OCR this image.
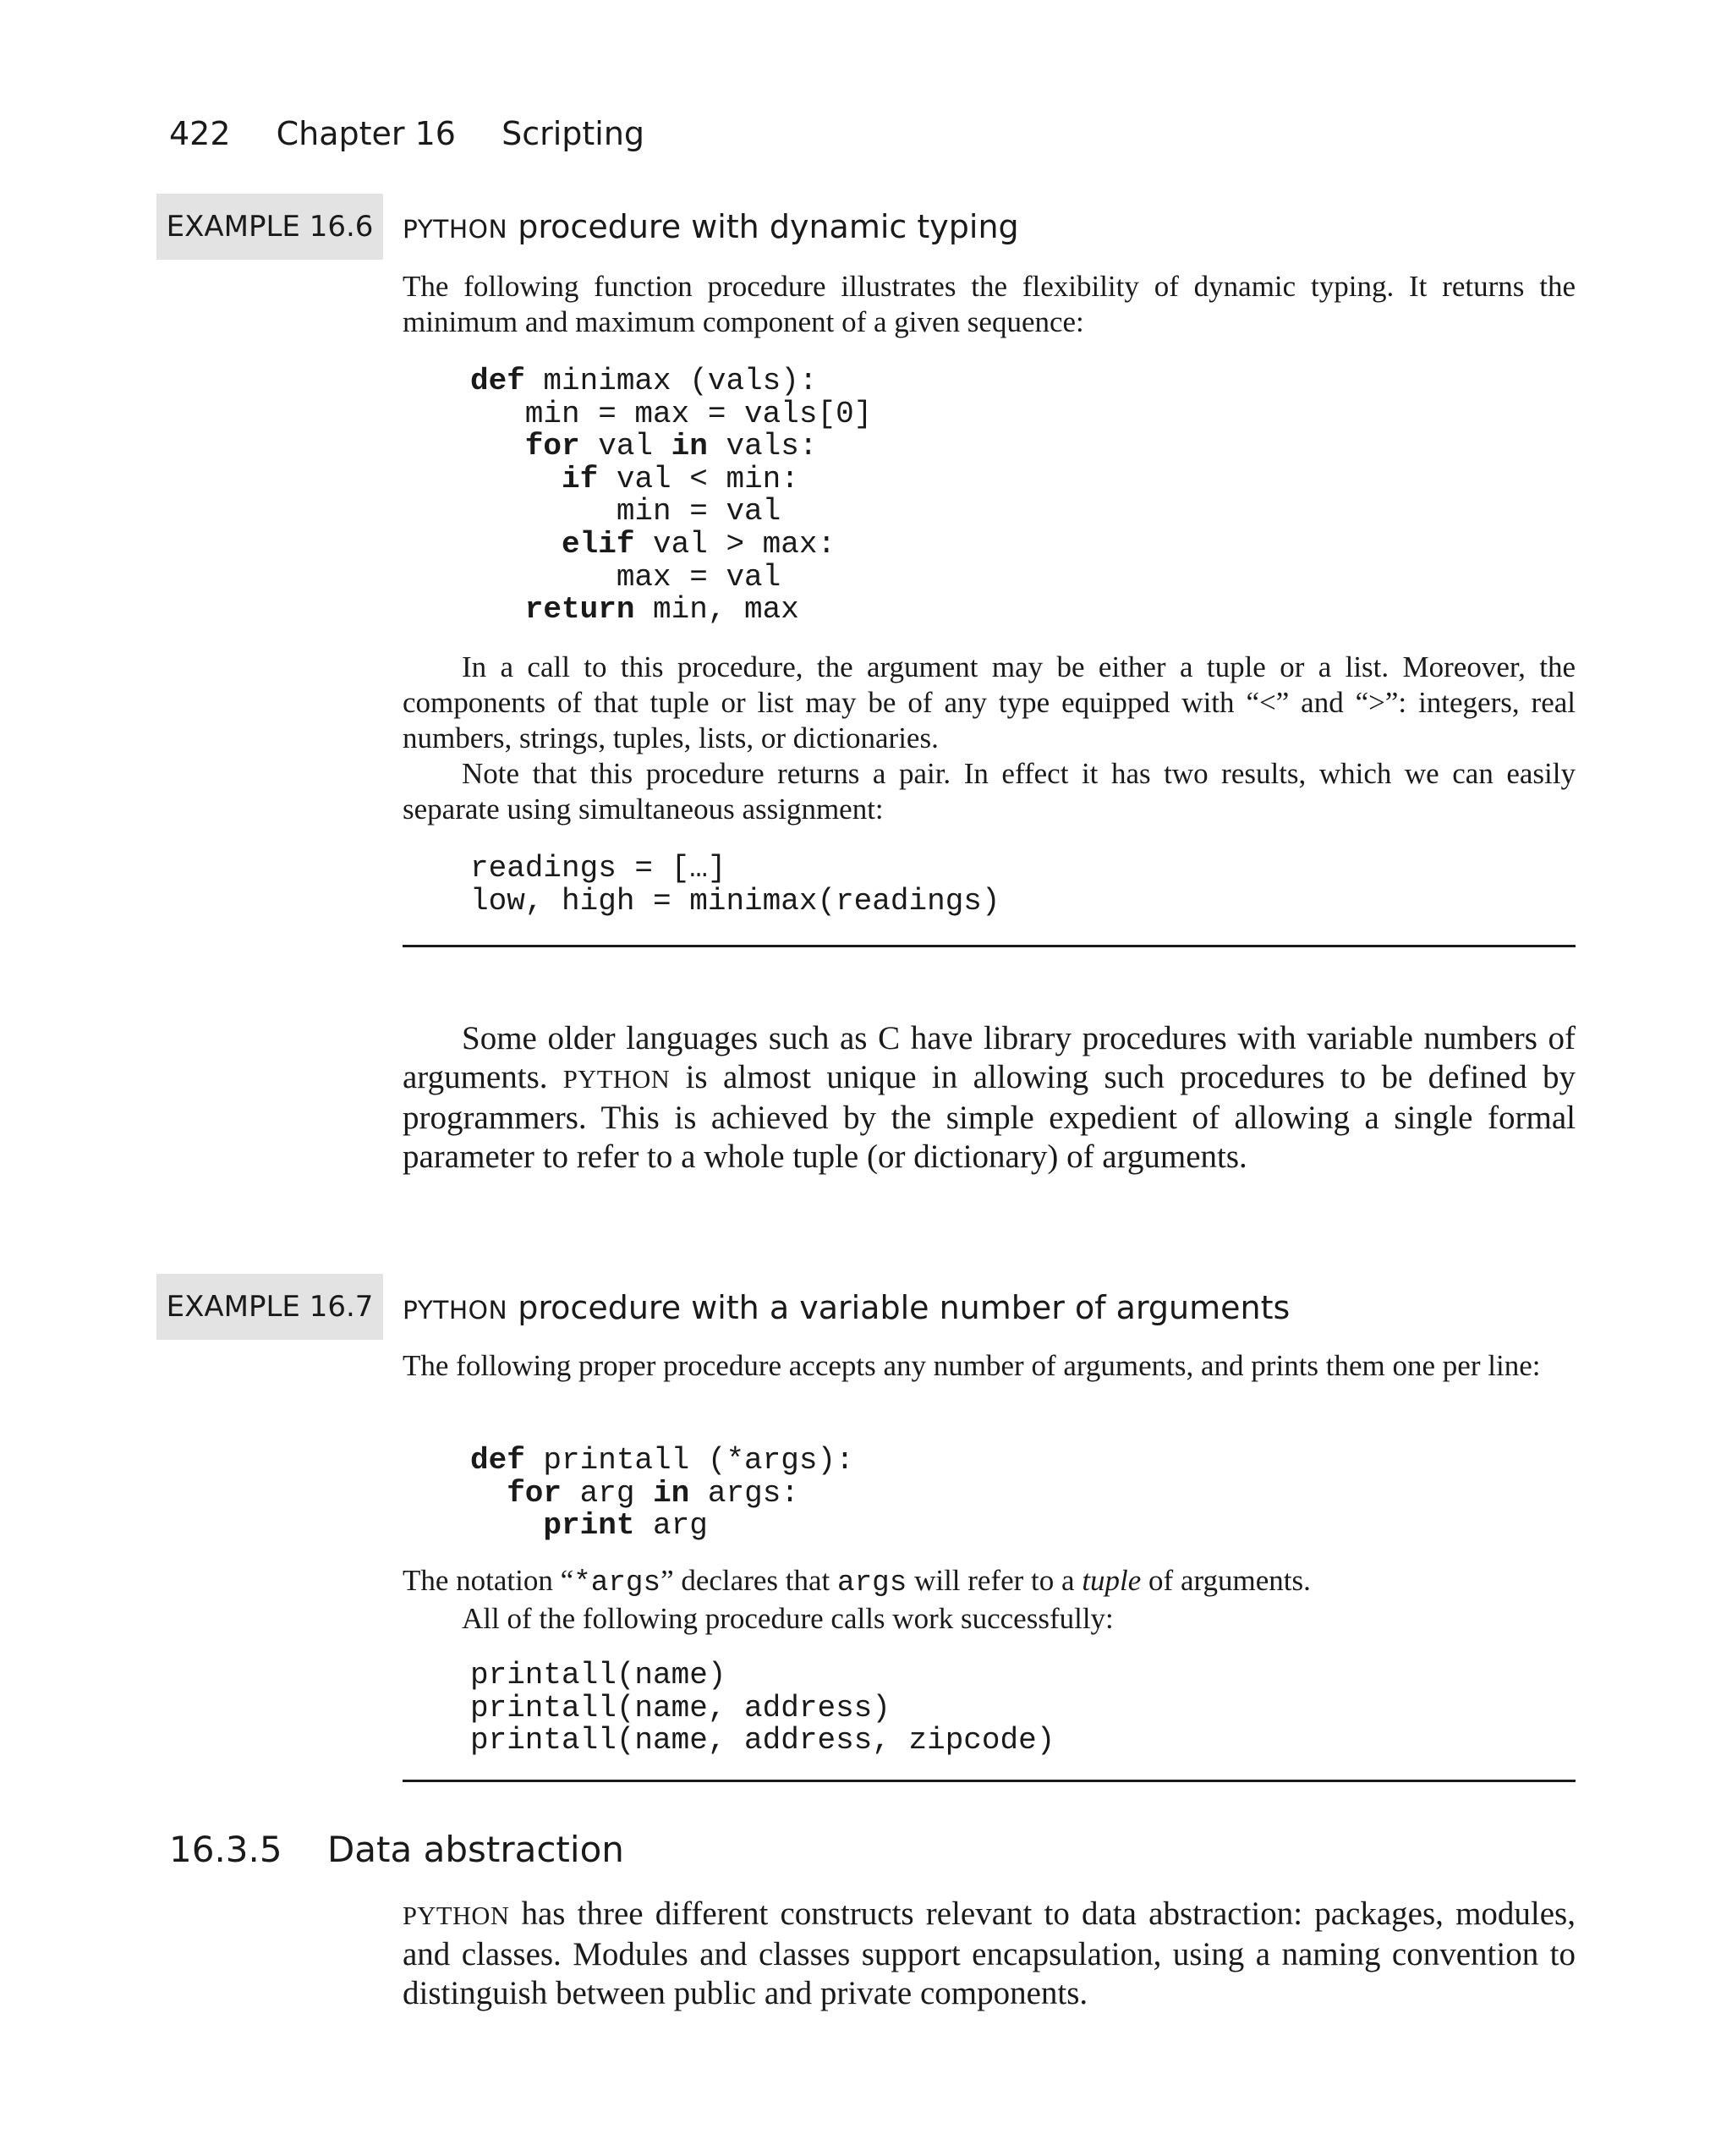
422 Chapter 16 Scripting
EXAMPLE 16.6	PYTHON procedure with dynamic typing

The following function procedure illustrates the flexibility of dynamic typing. It returns the minimum and maximum component of a given sequence:

def minimax (vals):
min = max = vals[0]
for val in vals:
if val < min:
min = val
elif val > max:
max = val
return min, max

In a call to this procedure, the argument may be either a tuple or a list. Moreover, the components of that tuple or list may be of any type equipped with “<” and “>”: integers, real numbers, strings, tuples, lists, or dictionaries.

Note that this procedure returns a pair. In effect it has two results, which we can easily separate using simultaneous assignment:

readings = […]
low, high = minimax(readings)

Some older languages such as C have library procedures with variable numbers of arguments. PYTHON is almost unique in allowing such procedures to be defined by programmers. This is achieved by the simple expedient of allowing a single formal parameter to refer to a whole tuple (or dictionary) of arguments.

EXAMPLE 16.7	PYTHON procedure with a variable number of arguments

The following proper procedure accepts any number of arguments, and prints them one per line:

def printall (*args):
for arg in args:
print arg

The notation “*args” declares that args will refer to a tuple of arguments.

All of the following procedure calls work successfully:

printall(name)
printall(name, address)
printall(name, address, zipcode)
16.3.5 Data abstraction

PYTHON has three different constructs relevant to data abstraction: packages, modules, and classes. Modules and classes support encapsulation, using a naming convention to distinguish between public and private components.
